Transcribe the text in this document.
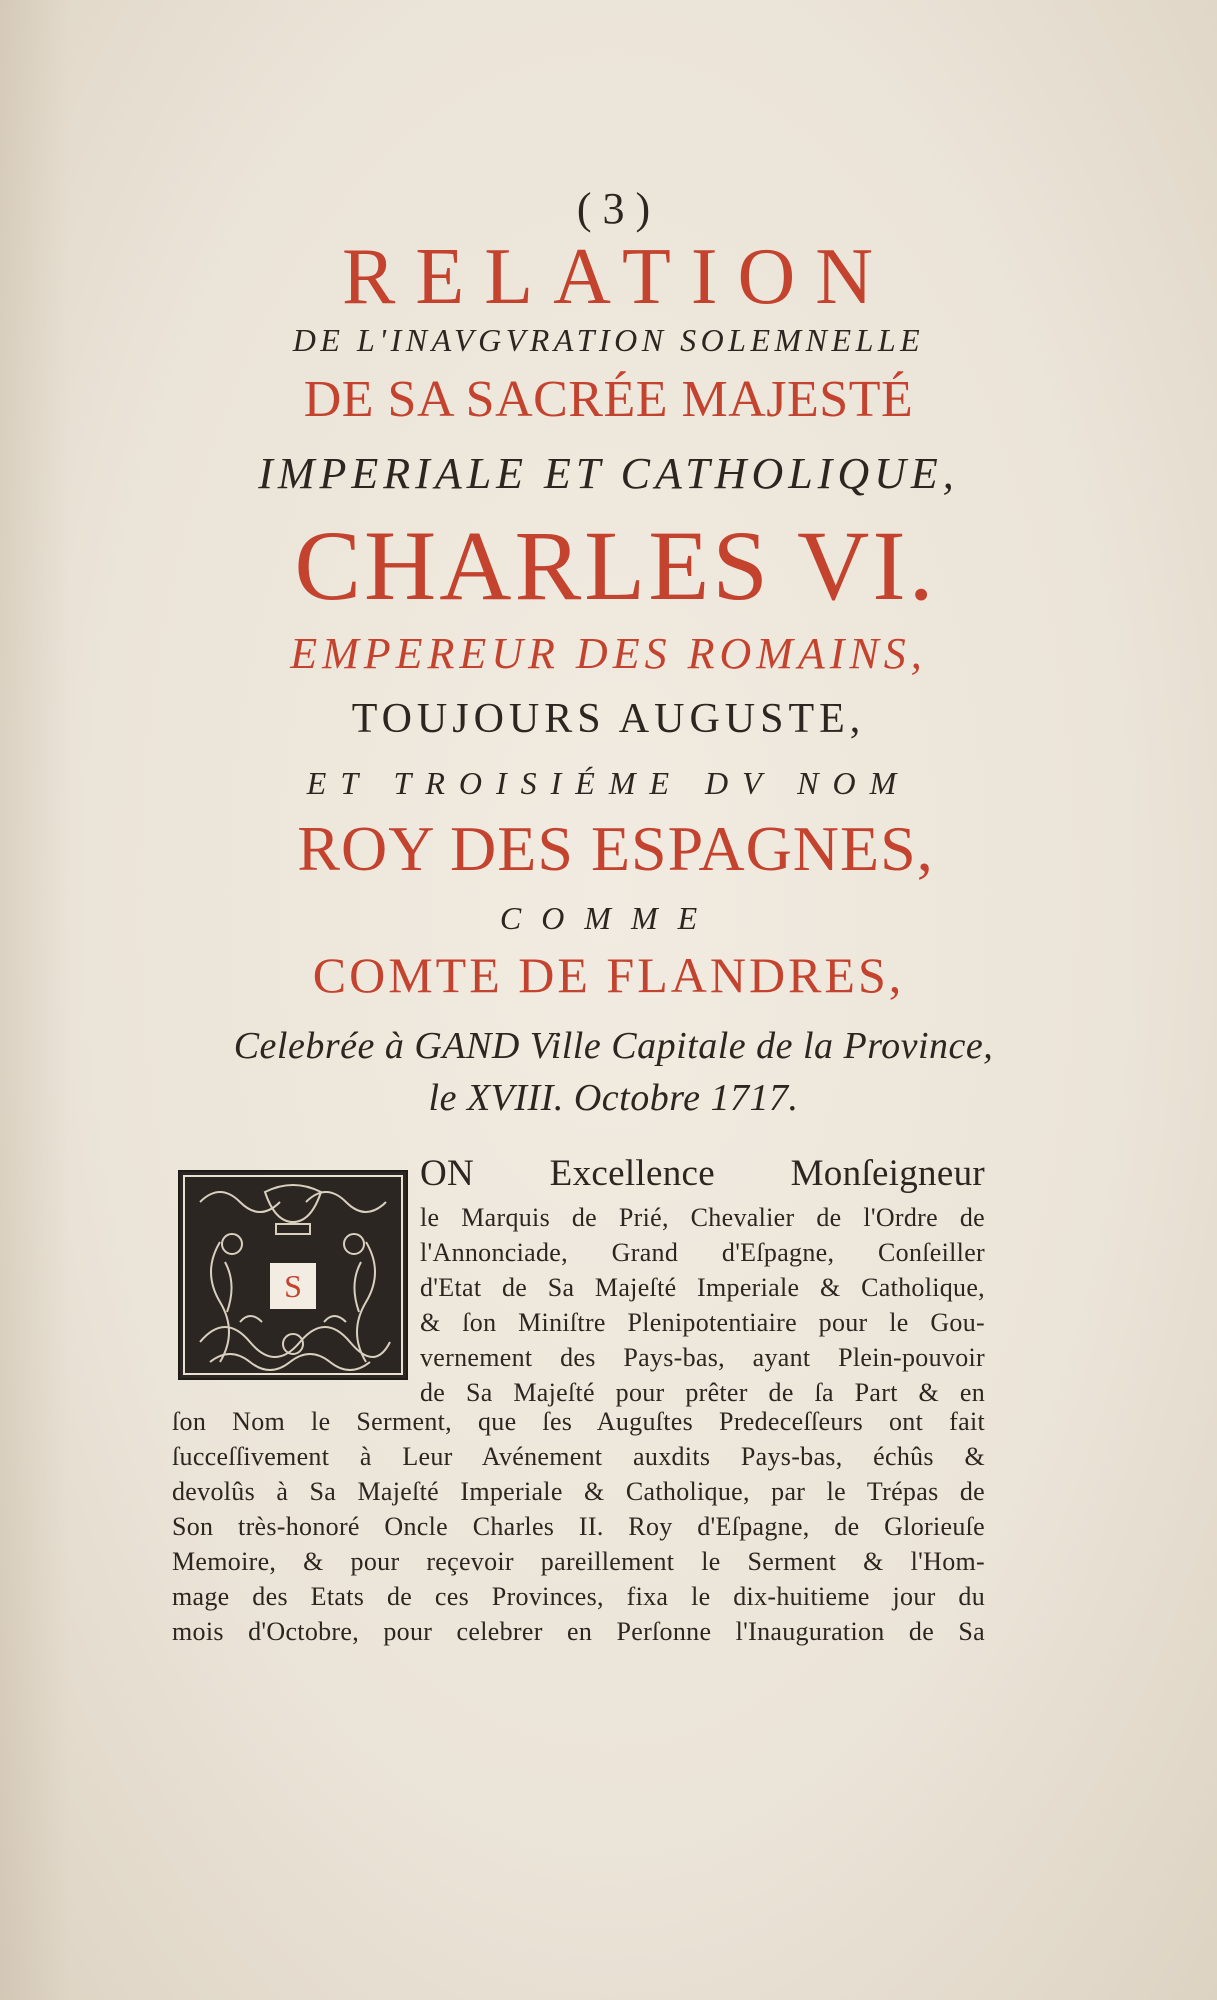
( 3 )
RELATION
DE L'INAVGVRATION SOLEMNELLE
DE SA SACRÉE MAJESTÉ
IMPERIALE ET CATHOLIQUE,
CHARLES VI.
EMPEREUR DES ROMAINS,
TOUJOURS AUGUSTE,
ET TROISIÉME DV NOM
ROY DES ESPAGNES,
COMME
COMTE DE FLANDRES,
Celebrée à GAND Ville Capitale de la Province,
le XVIII. Octobre 1717.
S
ON Excellence Monſeigneur
le Marquis de Prié, Chevalier de l'Ordre de
l'Annonciade, Grand d'Eſpagne, Conſeiller
d'Etat de Sa Majeſté Imperiale & Catholique,
& ſon Miniſtre Plenipotentiaire pour le Gou-
vernement des Pays-bas, ayant Plein-pouvoir
de Sa Majeſté pour prêter de ſa Part & en
ſon Nom le Serment, que ſes Auguſtes Predeceſſeurs ont fait
ſucceſſivement à Leur Avénement auxdits Pays-bas, échûs &
devolûs à Sa Majeſté Imperiale & Catholique, par le Trépas de
Son très-honoré Oncle Charles II. Roy d'Eſpagne, de Glorieuſe
Memoire, & pour reçevoir pareillement le Serment & l'Hom-
mage des Etats de ces Provinces, fixa le dix-huitieme jour du
mois d'Octobre, pour celebrer en Perſonne l'Inauguration de Sa
